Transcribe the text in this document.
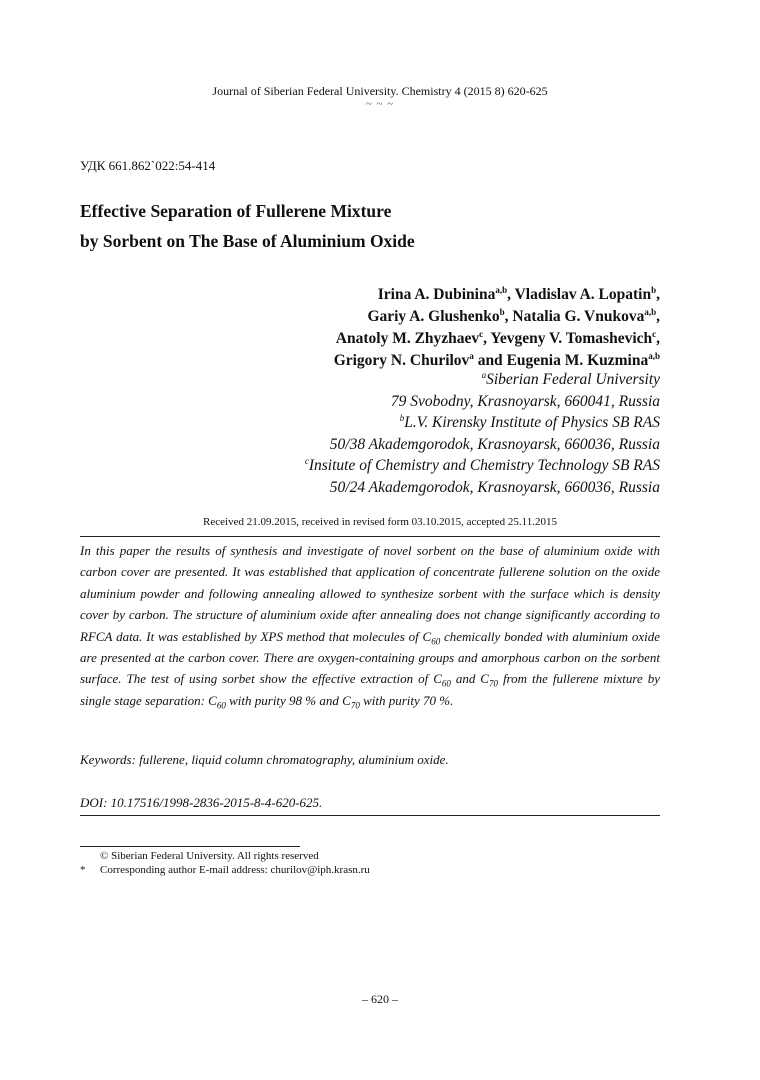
Journal of Siberian Federal University. Chemistry 4 (2015 8) 620-625
~ ~ ~
УДК 661.862`022:54-414
Effective Separation of Fullerene Mixture
by Sorbent on The Base of Aluminium Oxide
Irina A. Dubinina$^{a,b}$, Vladislav A. Lopatin$^b$,
Gariy A. Glushenko$^b$, Natalia G. Vnukova$^{a,b}$,
Anatoly M. Zhyzhaev$^c$, Yevgeny V. Tomashevich$^c$,
Grigory N. Churilov$^a$ and Eugenia M. Kuzmina$^{a,b}$
$^a$Siberian Federal University
79 Svobodny, Krasnoyarsk, 660041, Russia
$^b$L.V. Kirensky Institute of Physics SB RAS
50/38 Akademgorodok, Krasnoyarsk, 660036, Russia
$^c$Insitute of Chemistry and Chemistry Technology SB RAS
50/24 Akademgorodok, Krasnoyarsk, 660036, Russia
Received 21.09.2015, received in revised form 03.10.2015, accepted 25.11.2015
In this paper the results of synthesis and investigate of novel sorbent on the base of aluminium oxide with carbon cover are presented. It was established that application of concentrate fullerene solution on the oxide aluminium powder and following annealing allowed to synthesize sorbent with the surface which is density cover by carbon. The structure of aluminium oxide after annealing does not change significantly according to RFCA data. It was established by XPS method that molecules of $C_{60}$ chemically bonded with aluminium oxide are presented at the carbon cover. There are oxygen-containing groups and amorphous carbon on the sorbent surface. The test of using sorbet show the effective extraction of $C_{60}$ and $C_{70}$ from the fullerene mixture by single stage separation: $C_{60}$ with purity 98 % and $C_{70}$ with purity 70 %.
Keywords: fullerene, liquid column chromatography, aluminium oxide.
DOI: 10.17516/1998-2836-2015-8-4-620-625.
© Siberian Federal University. All rights reserved
* Corresponding author E-mail address: churilov@iph.krasn.ru
– 620 –
